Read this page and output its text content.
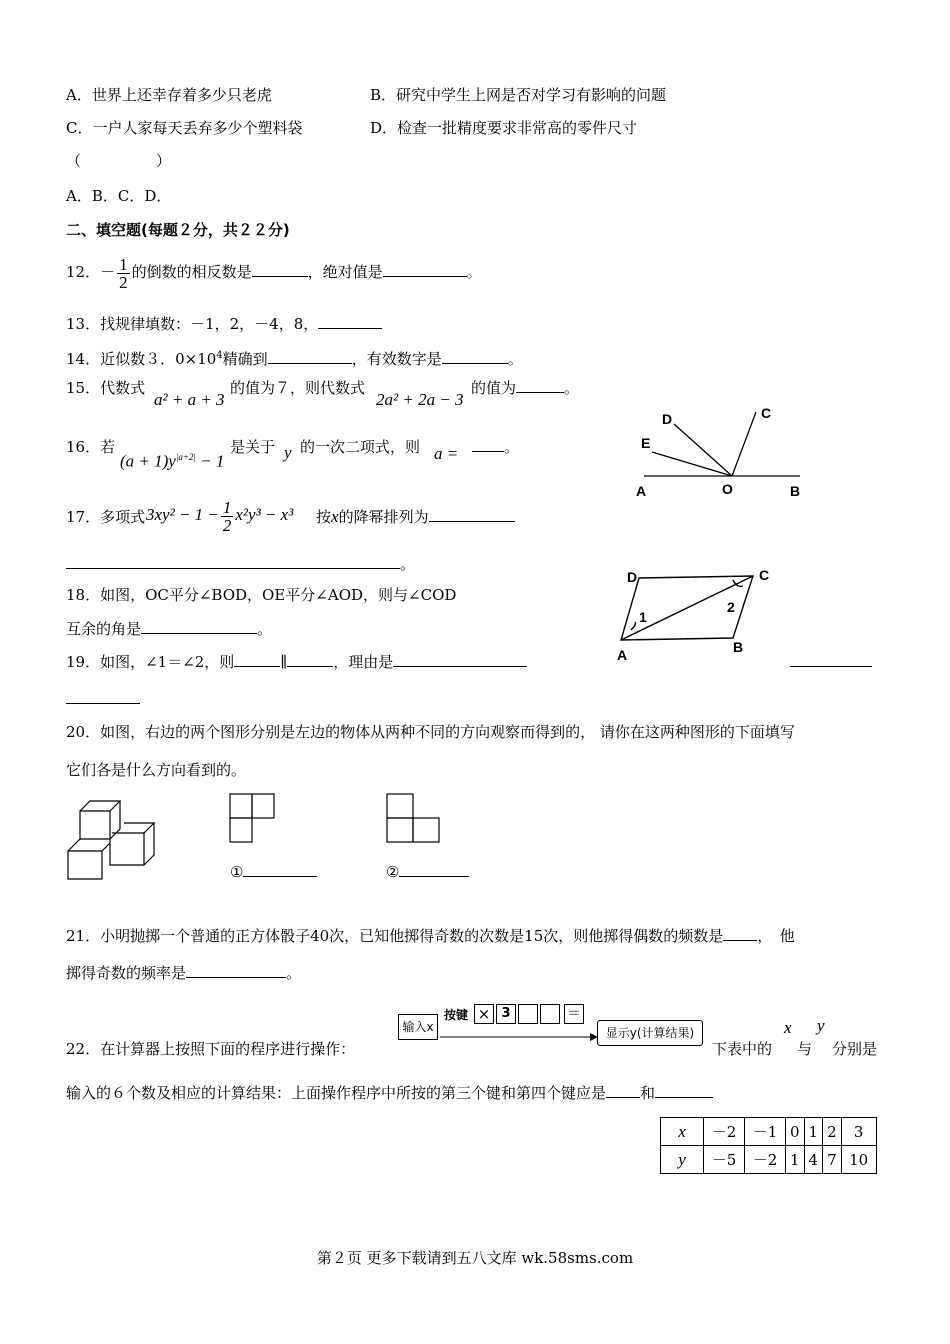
A．世界上还幸存着多少只老虎	B．研究中学生上网是否对学习有影响的问题
C．一户人家每天丢弃多少个塑料袋	D．检查一批精度要求非常高的零件尺寸
（　　　　　）
A．B．C．D．
二、填空题(每题２分，共２２分)
12．－ $\frac{1}{2}$ 的倒数的相反数是	，绝对值是	。
13．找规律填数：－1，2，－4，8，
14．近似数３．$0\times 10^4$精确到	，有效数字是	。
15．代数式
a² + a + 3
的值为７，则代数式
2a² + 2a − 3
的值为	。
16．若
$(a + 1)y^{|a+2|} - 1$
是关于 y 的一次二项式，则 a =	。
17．多项式 $3xy^2 - 1 - \frac{1}{2} x^2y^3 - x^3$ 按x的降幂排列为
。
18．如图，OC平分∠BOD，OE平分∠AOD，则与∠COD
互余的角是	。
19．如图，∠1＝∠2，则	∥	，理由是
20．如图，右边的两个图形分别是左边的物体从两种不同的方向观察而得到的， 请你在这两种图形的下面填写
它们各是什么方向看到的。
①	②
21．小明抛掷一个普通的正方体骰子40次，已知他掷得奇数的次数是15次，则他掷得偶数的频数是 ，　他
掷得奇数的频率是	。
22．在计算器上按照下面的程序进行操作：
输入x
按键 × 3	＝
显示y(计算结果)
下表中的
x
与
y
分别是
输入的６个数及相应的计算结果：上面操作程序中所按的第三个键和第四个键应是 和
x	－2	－1	0	1	2	3
y	－5	－2	1	4	7	10
D	C
E
A	O	B
D	C
1
2
A	B
第２页 更多下载请到五八文库 wk.58sms.com
